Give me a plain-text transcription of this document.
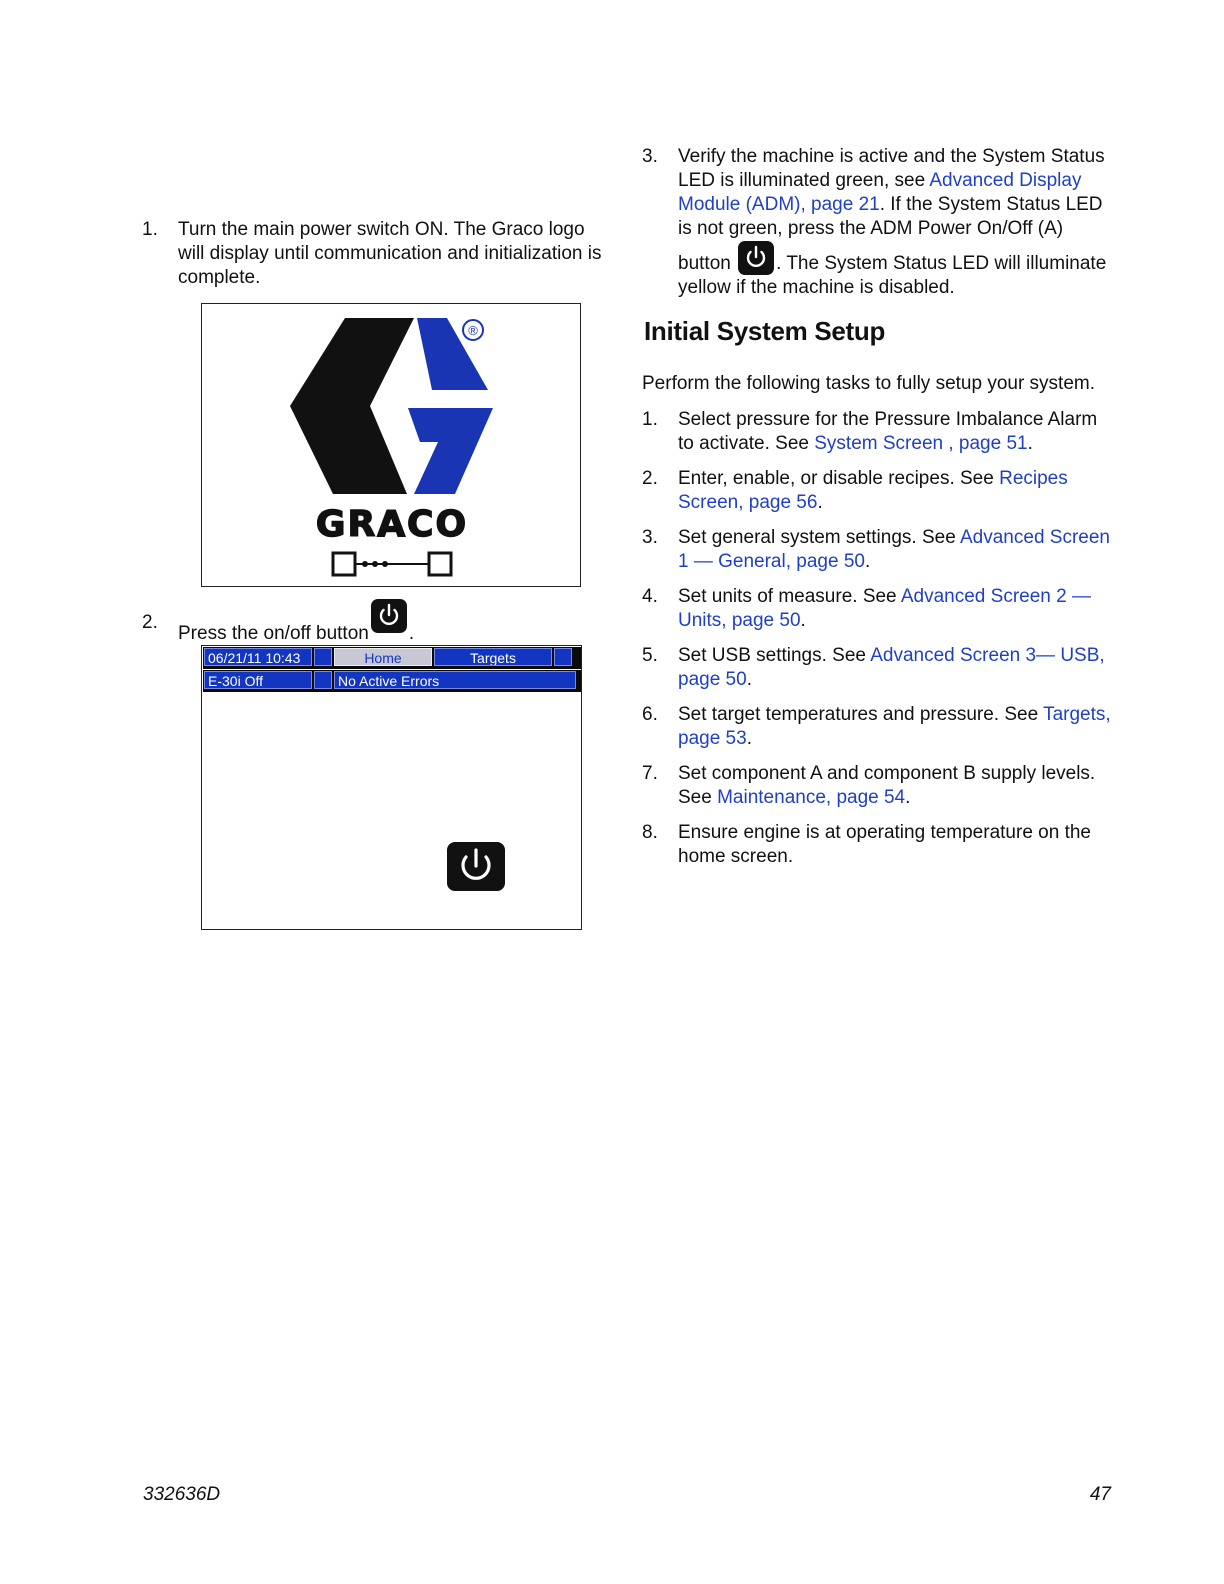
1. Turn the main power switch ON. The Graco logo will display until communication and initialization is complete.
®
GRACO
2.
Press the on/off button .
06/21/11 10:43	Home	Targets
E-30i Off	No Active Errors
3. Verify the machine is active and the System Status LED is illuminated green, see Advanced Display Module (ADM), page 21. If the System Status LED is not green, press the ADM Power On/Off (A) button . The System Status LED will illuminate yellow if the machine is disabled.
Initial System Setup
Perform the following tasks to fully setup your system.
1. Select pressure for the Pressure Imbalance Alarm to activate. See System Screen , page 51.
2. Enter, enable, or disable recipes. See Recipes Screen, page 56.
3. Set general system settings. See Advanced Screen 1 — General, page 50.
4. Set units of measure. See Advanced Screen 2 — Units, page 50.
5. Set USB settings. See Advanced Screen 3— USB, page 50.
6. Set target temperatures and pressure. See Targets, page 53.
7. Set component A and component B supply levels. See Maintenance, page 54.
8. Ensure engine is at operating temperature on the home screen.
332636D	47
